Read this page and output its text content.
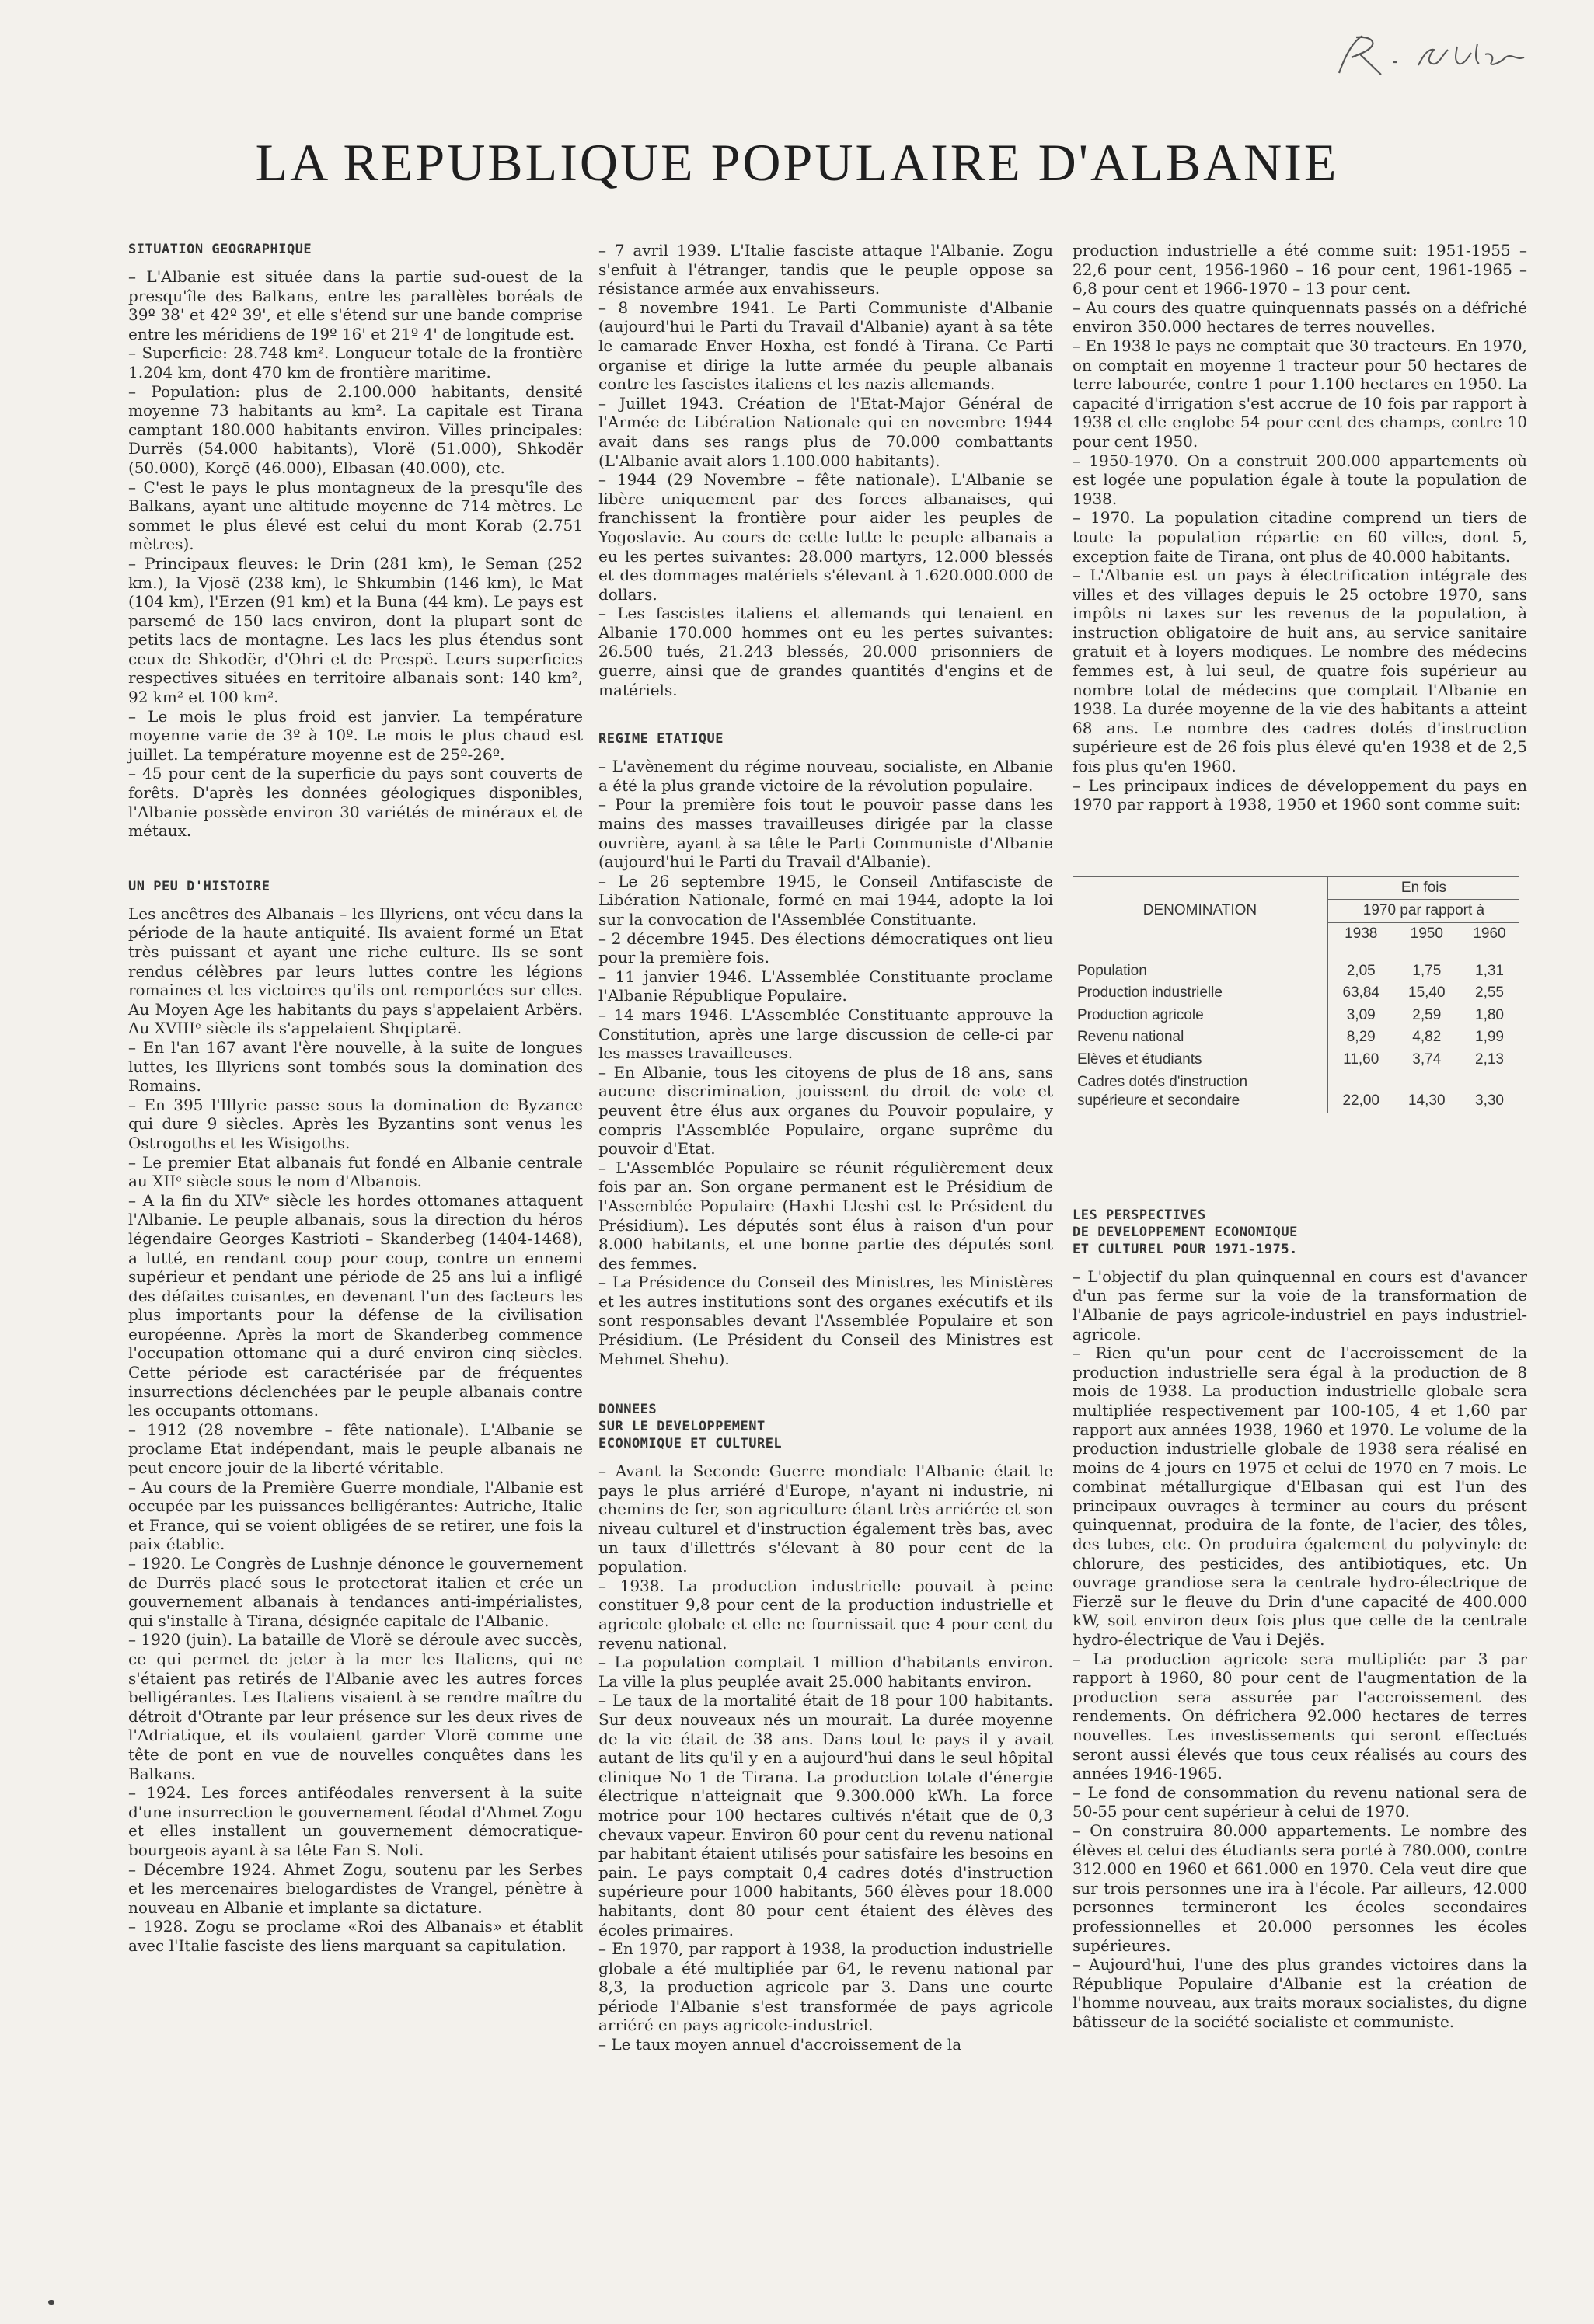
LA REPUBLIQUE POPULAIRE D'ALBANIE
SITUATION GEOGRAPHIQUE

– L'Albanie est située dans la partie sud-ouest de la presqu'île des Balkans, entre les parallèles boréals de 39º 38' et 42º 39', et elle s'étend sur une bande comprise entre les méridiens de 19º 16' et 21º 4' de longitude est.

– Superficie: 28.748 km². Longueur totale de la frontière 1.204 km, dont 470 km de frontière maritime.

– Population: plus de 2.100.000 habitants, densité moyenne 73 habitants au km². La capitale est Tirana camptant 180.000 habitants environ. Villes principales: Durrës (54.000 habitants), Vlorë (51.000), Shkodër (50.000), Korçë (46.000), Elbasan (40.000), etc.

– C'est le pays le plus montagneux de la presqu'île des Balkans, ayant une altitude moyenne de 714 mètres. Le sommet le plus élevé est celui du mont Korab (2.751 mètres).

– Principaux fleuves: le Drin (281 km), le Seman (252 km.), la Vjosë (238 km), le Shkumbin (146 km), le Mat (104 km), l'Erzen (91 km) et la Buna (44 km). Le pays est parsemé de 150 lacs environ, dont la plupart sont de petits lacs de montagne. Les lacs les plus étendus sont ceux de Shkodër, d'Ohri et de Prespë. Leurs superficies respectives situées en territoire albanais sont: 140 km², 92 km² et 100 km².

– Le mois le plus froid est janvier. La température moyenne varie de 3º à 10º. Le mois le plus chaud est juillet. La température moyenne est de 25º-26º.

– 45 pour cent de la superficie du pays sont couverts de forêts. D'après les données géologiques disponibles, l'Albanie possède environ 30 variétés de minéraux et de métaux.

UN PEU D'HISTOIRE

Les ancêtres des Albanais – les Illyriens, ont vécu dans la période de la haute antiquité. Ils avaient formé un Etat très puissant et ayant une riche culture. Ils se sont rendus célèbres par leurs luttes contre les légions romaines et les victoires qu'ils ont remportées sur elles. Au Moyen Age les habitants du pays s'appelaient Arbërs. Au XVIIIᵉ siècle ils s'appelaient Shqiptarë.

– En l'an 167 avant l'ère nouvelle, à la suite de longues luttes, les Illyriens sont tombés sous la domination des Romains.

– En 395 l'Illyrie passe sous la domination de Byzance qui dure 9 siècles. Après les Byzantins sont venus les Ostrogoths et les Wisigoths.

– Le premier Etat albanais fut fondé en Albanie centrale au XIIᵉ siècle sous le nom d'Albanois.

– A la fin du XIVᵉ siècle les hordes ottomanes attaquent l'Albanie. Le peuple albanais, sous la direction du héros légendaire Georges Kastrioti – Skanderbeg (1404-1468), a lutté, en rendant coup pour coup, contre un ennemi supérieur et pendant une période de 25 ans lui a infligé des défaites cuisantes, en devenant l'un des facteurs les plus importants pour la défense de la civilisation européenne. Après la mort de Skanderbeg commence l'occupation ottomane qui a duré environ cinq siècles. Cette période est caractérisée par de fréquentes insurrections déclenchées par le peuple albanais contre les occupants ottomans.

– 1912 (28 novembre – fête nationale). L'Albanie se proclame Etat indépendant, mais le peuple albanais ne peut encore jouir de la liberté véritable.

– Au cours de la Première Guerre mondiale, l'Albanie est occupée par les puissances belligérantes: Autriche, Italie et France, qui se voient obligées de se retirer, une fois la paix établie.

– 1920. Le Congrès de Lushnje dénonce le gouvernement de Durrës placé sous le protectorat italien et crée un gouvernement albanais à tendances anti-impérialistes, qui s'installe à Tirana, désignée capitale de l'Albanie.

– 1920 (juin). La bataille de Vlorë se déroule avec succès, ce qui permet de jeter à la mer les Italiens, qui ne s'étaient pas retirés de l'Albanie avec les autres forces belligérantes. Les Italiens visaient à se rendre maître du détroit d'Otrante par leur présence sur les deux rives de l'Adriatique, et ils voulaient garder Vlorë comme une tête de pont en vue de nouvelles conquêtes dans les Balkans.

– 1924. Les forces antiféodales renversent à la suite d'une insurrection le gouvernement féodal d'Ahmet Zogu et elles installent un gouvernement démocratique-bourgeois ayant à sa tête Fan S. Noli.

– Décembre 1924. Ahmet Zogu, soutenu par les Serbes et les mercenaires bielogardistes de Vrangel, pénètre à nouveau en Albanie et implante sa dictature.

– 1928. Zogu se proclame «Roi des Albanais» et établit avec l'Italie fasciste des liens marquant sa capitulation.

– 7 avril 1939. L'Italie fasciste attaque l'Albanie. Zogu s'enfuit à l'étranger, tandis que le peuple oppose sa résistance armée aux envahisseurs.

– 8 novembre 1941. Le Parti Communiste d'Albanie (aujourd'hui le Parti du Travail d'Albanie) ayant à sa tête le camarade Enver Hoxha, est fondé à Tirana. Ce Parti organise et dirige la lutte armée du peuple albanais contre les fascistes italiens et les nazis allemands.

– Juillet 1943. Création de l'Etat-Major Général de l'Armée de Libération Nationale qui en novembre 1944 avait dans ses rangs plus de 70.000 combattants (L'Albanie avait alors 1.100.000 habitants).

– 1944 (29 Novembre – fête nationale). L'Albanie se libère uniquement par des forces albanaises, qui franchissent la frontière pour aider les peuples de Yogoslavie. Au cours de cette lutte le peuple albanais a eu les pertes suivantes: 28.000 martyrs, 12.000 blessés et des dommages matériels s'élevant à 1.620.000.000 de dollars.

– Les fascistes italiens et allemands qui tenaient en Albanie 170.000 hommes ont eu les pertes suivantes: 26.500 tués, 21.243 blessés, 20.000 prisonniers de guerre, ainsi que de grandes quantités d'engins et de matériels.

REGIME ETATIQUE

– L'avènement du régime nouveau, socialiste, en Albanie a été la plus grande victoire de la révolution populaire.

– Pour la première fois tout le pouvoir passe dans les mains des masses travailleuses dirigée par la classe ouvrière, ayant à sa tête le Parti Communiste d'Albanie (aujourd'hui le Parti du Travail d'Albanie).

– Le 26 septembre 1945, le Conseil Antifasciste de Libération Nationale, formé en mai 1944, adopte la loi sur la convocation de l'Assemblée Constituante.

– 2 décembre 1945. Des élections démocratiques ont lieu pour la première fois.

– 11 janvier 1946. L'Assemblée Constituante proclame l'Albanie République Populaire.

– 14 mars 1946. L'Assemblée Constituante approuve la Constitution, après une large discussion de celle-ci par les masses travailleuses.

– En Albanie, tous les citoyens de plus de 18 ans, sans aucune discrimination, jouissent du droit de vote et peuvent être élus aux organes du Pouvoir populaire, y compris l'Assemblée Populaire, organe suprême du pouvoir d'Etat.

– L'Assemblée Populaire se réunit régulièrement deux fois par an. Son organe permanent est le Présidium de l'Assemblée Populaire (Haxhi Lleshi est le Président du Présidium). Les députés sont élus à raison d'un pour 8.000 habitants, et une bonne partie des députés sont des femmes.

– La Présidence du Conseil des Ministres, les Ministères et les autres institutions sont des organes exécutifs et ils sont responsables devant l'Assemblée Populaire et son Présidium. (Le Président du Conseil des Ministres est Mehmet Shehu).

DONNEES
SUR LE DEVELOPPEMENT
ECONOMIQUE ET CULTUREL

– Avant la Seconde Guerre mondiale l'Albanie était le pays le plus arriéré d'Europe, n'ayant ni industrie, ni chemins de fer, son agriculture étant très arriérée et son niveau culturel et d'instruction également très bas, avec un taux d'illettrés s'élevant à 80 pour cent de la population.

– 1938. La production industrielle pouvait à peine constituer 9,8 pour cent de la production industrielle et agricole globale et elle ne fournissait que 4 pour cent du revenu national.

– La population comptait 1 million d'habitants environ. La ville la plus peuplée avait 25.000 habitants environ.

– Le taux de la mortalité était de 18 pour 100 habitants. Sur deux nouveaux nés un mourait. La durée moyenne de la vie était de 38 ans. Dans tout le pays il y avait autant de lits qu'il y en a aujourd'hui dans le seul hôpital clinique No 1 de Tirana. La production totale d'énergie électrique n'atteignait que 9.300.000 kWh. La force motrice pour 100 hectares cultivés n'était que de 0,3 chevaux vapeur. Environ 60 pour cent du revenu national par habitant étaient utilisés pour satisfaire les besoins en pain. Le pays comptait 0,4 cadres dotés d'instruction supérieure pour 1000 habitants, 560 élèves pour 18.000 habitants, dont 80 pour cent étaient des élèves des écoles primaires.

– En 1970, par rapport à 1938, la production industrielle globale a été multipliée par 64, le revenu national par 8,3, la production agricole par 3. Dans une courte période l'Albanie s'est transformée de pays agricole arriéré en pays agricole-industriel.

– Le taux moyen annuel d'accroissement de la

production industrielle a été comme suit: 1951-1955 – 22,6 pour cent, 1956-1960 – 16 pour cent, 1961-1965 – 6,8 pour cent et 1966-1970 – 13 pour cent.

– Au cours des quatre quinquennats passés on a défriché environ 350.000 hectares de terres nouvelles.

– En 1938 le pays ne comptait que 30 tracteurs. En 1970, on comptait en moyenne 1 tracteur pour 50 hectares de terre labourée, contre 1 pour 1.100 hectares en 1950. La capacité d'irrigation s'est accrue de 10 fois par rapport à 1938 et elle englobe 54 pour cent des champs, contre 10 pour cent 1950.

– 1950-1970. On a construit 200.000 appartements où est logée une population égale à toute la population de 1938.

– 1970. La population citadine comprend un tiers de toute la population répartie en 60 villes, dont 5, exception faite de Tirana, ont plus de 40.000 habitants.

– L'Albanie est un pays à électrification intégrale des villes et des villages depuis le 25 octobre 1970, sans impôts ni taxes sur les revenus de la population, à instruction obligatoire de huit ans, au service sanitaire gratuit et à loyers modiques. Le nombre des médecins femmes est, à lui seul, de quatre fois supérieur au nombre total de médecins que comptait l'Albanie en 1938. La durée moyenne de la vie des habitants a atteint 68 ans. Le nombre des cadres dotés d'instruction supérieure est de 26 fois plus élevé qu'en 1938 et de 2,5 fois plus qu'en 1960.

– Les principaux indices de développement du pays en 1970 par rapport à 1938, 1950 et 1960 sont comme suit:

DENOMINATION	En fois		
	1970 par rapport à		
	1938	1950	1960

Population	2,05	1,75	1,31
Production industrielle	63,84	15,40	2,55
Production agricole	3,09	2,59	1,80
Revenu national	8,29	4,82	1,99
Elèves et étudiants	11,60	3,74	2,13

Cadres dotés d'instruction
supérieure et secondaire	22,00	14,30	3,30
LES PERSPECTIVES
DE DEVELOPPEMENT ECONOMIQUE
ET CULTUREL POUR 1971-1975.

– L'objectif du plan quinquennal en cours est d'avancer d'un pas ferme sur la voie de la transformation de l'Albanie de pays agricole-industriel en pays industriel-agricole.

– Rien qu'un pour cent de l'accroissement de la production industrielle sera égal à la production de 8 mois de 1938. La production industrielle globale sera multipliée respectivement par 100-105, 4 et 1,60 par rapport aux années 1938, 1960 et 1970. Le volume de la production industrielle globale de 1938 sera réalisé en moins de 4 jours en 1975 et celui de 1970 en 7 mois. Le combinat métallurgique d'Elbasan qui est l'un des principaux ouvrages à terminer au cours du présent quinquennat, produira de la fonte, de l'acier, des tôles, des tubes, etc. On produira également du polyvinyle de chlorure, des pesticides, des antibiotiques, etc. Un ouvrage grandiose sera la centrale hydro-électrique de Fierzë sur le fleuve du Drin d'une capacité de 400.000 kW, soit environ deux fois plus que celle de la centrale hydro-électrique de Vau i Dejës.

– La production agricole sera multipliée par 3 par rapport à 1960, 80 pour cent de l'augmentation de la production sera assurée par l'accroissement des rendements. On défrichera 92.000 hectares de terres nouvelles. Les investissements qui seront effectués seront aussi élevés que tous ceux réalisés au cours des années 1946-1965.

– Le fond de consommation du revenu national sera de 50-55 pour cent supérieur à celui de 1970.

– On construira 80.000 appartements. Le nombre des élèves et celui des étudiants sera porté à 780.000, contre 312.000 en 1960 et 661.000 en 1970. Cela veut dire que sur trois personnes une ira à l'école. Par ailleurs, 42.000 personnes termineront les écoles secondaires professionnelles et 20.000 personnes les écoles supérieures.

– Aujourd'hui, l'une des plus grandes victoires dans la République Populaire d'Albanie est la création de l'homme nouveau, aux traits moraux socialistes, du digne bâtisseur de la société socialiste et communiste.
